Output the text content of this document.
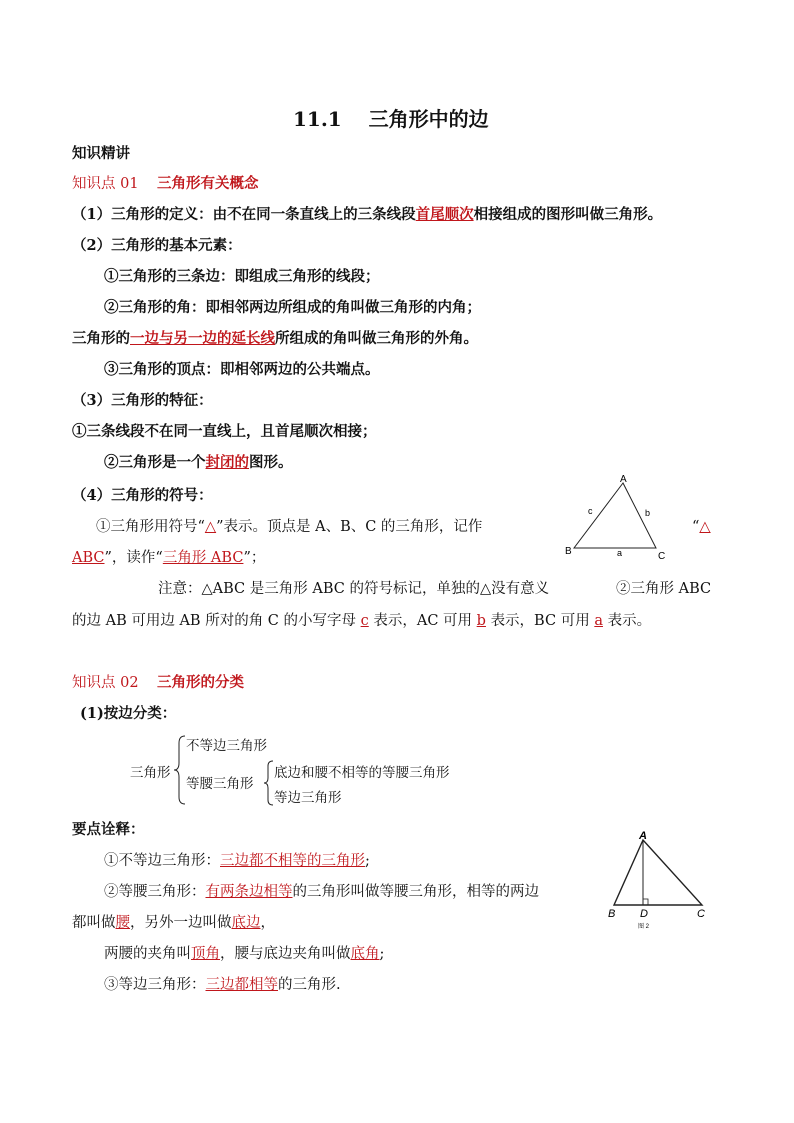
11.1　 三角形中的边
知识精讲
知识点 01 三角形有关概念
（1）三角形的定义：由不在同一条直线上的三条线段首尾顺次相接组成的图形叫做三角形。
（2）三角形的基本元素：
①三角形的三条边：即组成三角形的线段；
②三角形的角：即相邻两边所组成的角叫做三角形的内角；
三角形的一边与另一边的延长线所组成的角叫做三角形的外角。
③三角形的顶点：即相邻两边的公共端点。
（3）三角形的特征：
①三条线段不在同一直线上，且首尾顺次相接；
②三角形是一个封闭的图形。
（4）三角形的符号：
①三角形用符号“△”表示。顶点是 A、B、C 的三角形，记作	“△
ABC”，读作“三角形 ABC”；
注意：△ABC 是三角形 ABC 的符号标记，单独的△没有意义	②三角形 ABC
的边 AB 可用边 AB 所对的角 C 的小写字母 c 表示，AC 可用 b 表示，BC 可用 a 表示。
A
B	C
a
b
c
知识点 02 三角形的分类
(1)按边分类：
三角形
不等边三角形
等腰三角形
底边和腰不相等的等腰三角形
等边三角形
要点诠释：
①不等边三角形：三边都不相等的三角形;
②等腰三角形：有两条边相等的三角形叫做等腰三角形，相等的两边
都叫做腰，另外一边叫做底边，
两腰的夹角叫顶角，腰与底边夹角叫做底角;
③等边三角形：三边都相等的三角形.
A
B D	C
图 2
